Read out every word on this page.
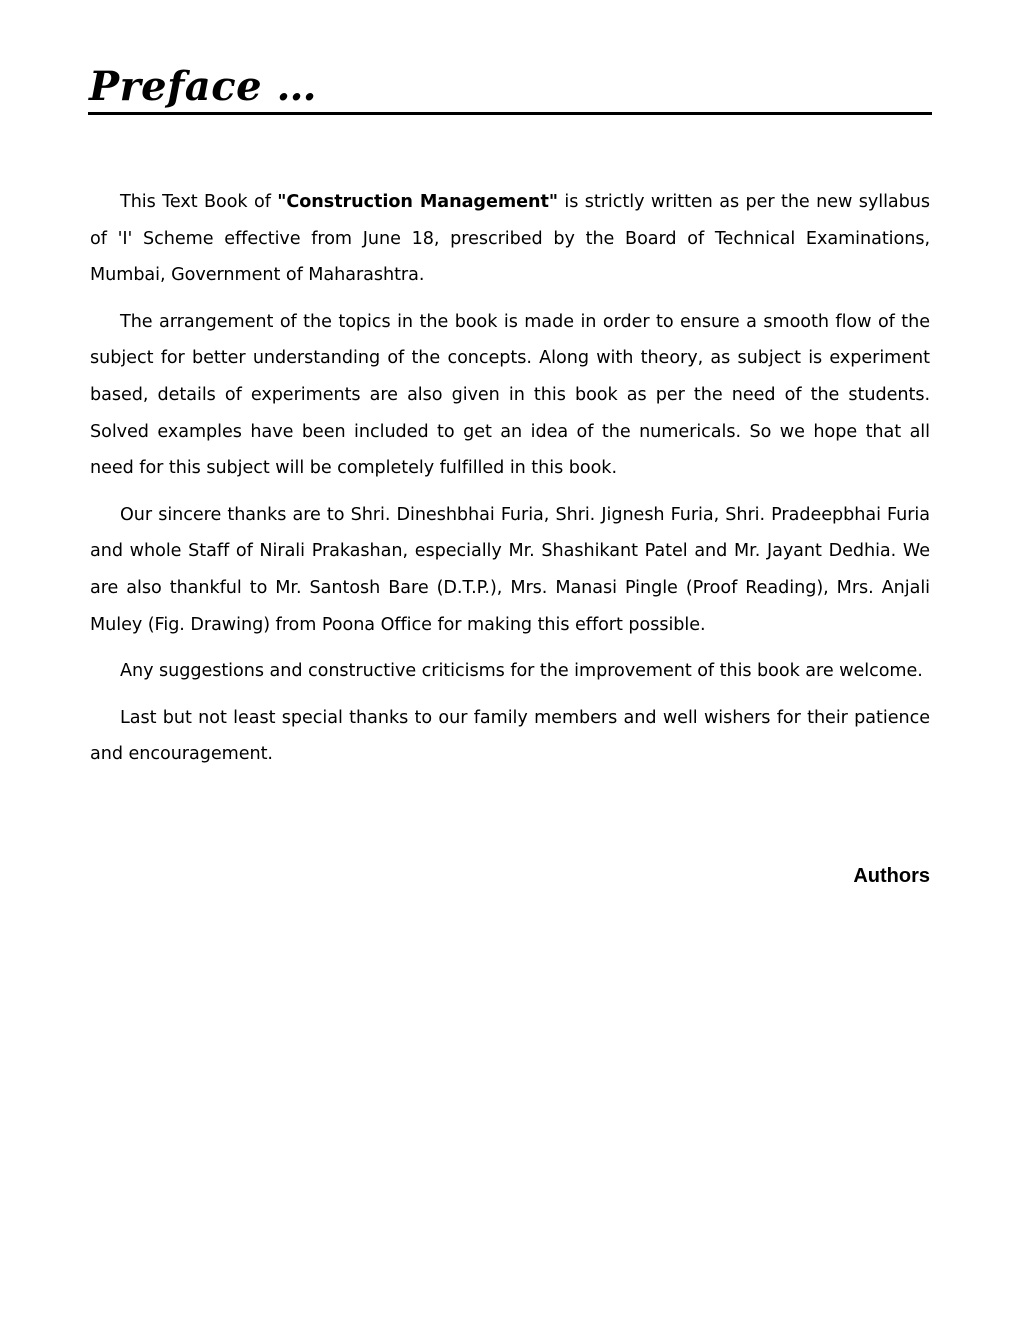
Preface …

This Text Book of "Construction Management" is strictly written as per the new syllabus of 'I' Scheme effective from June 18, prescribed by the Board of Technical Examinations, Mumbai, Government of Maharashtra.

The arrangement of the topics in the book is made in order to ensure a smooth flow of the subject for better understanding of the concepts. Along with theory, as subject is experiment based, details of experiments are also given in this book as per the need of the students. Solved examples have been included to get an idea of the numericals. So we hope that all need for this subject will be completely fulfilled in this book.

Our sincere thanks are to Shri. Dineshbhai Furia, Shri. Jignesh Furia, Shri. Pradeepbhai Furia and whole Staff of Nirali Prakashan, especially Mr. Shashikant Patel and Mr. Jayant Dedhia. We are also thankful to Mr. Santosh Bare (D.T.P.), Mrs. Manasi Pingle (Proof Reading), Mrs. Anjali Muley (Fig. Drawing) from Poona Office for making this effort possible.

Any suggestions and constructive criticisms for the improvement of this book are welcome.

Last but not least special thanks to our family members and well wishers for their patience and encouragement.

Authors
